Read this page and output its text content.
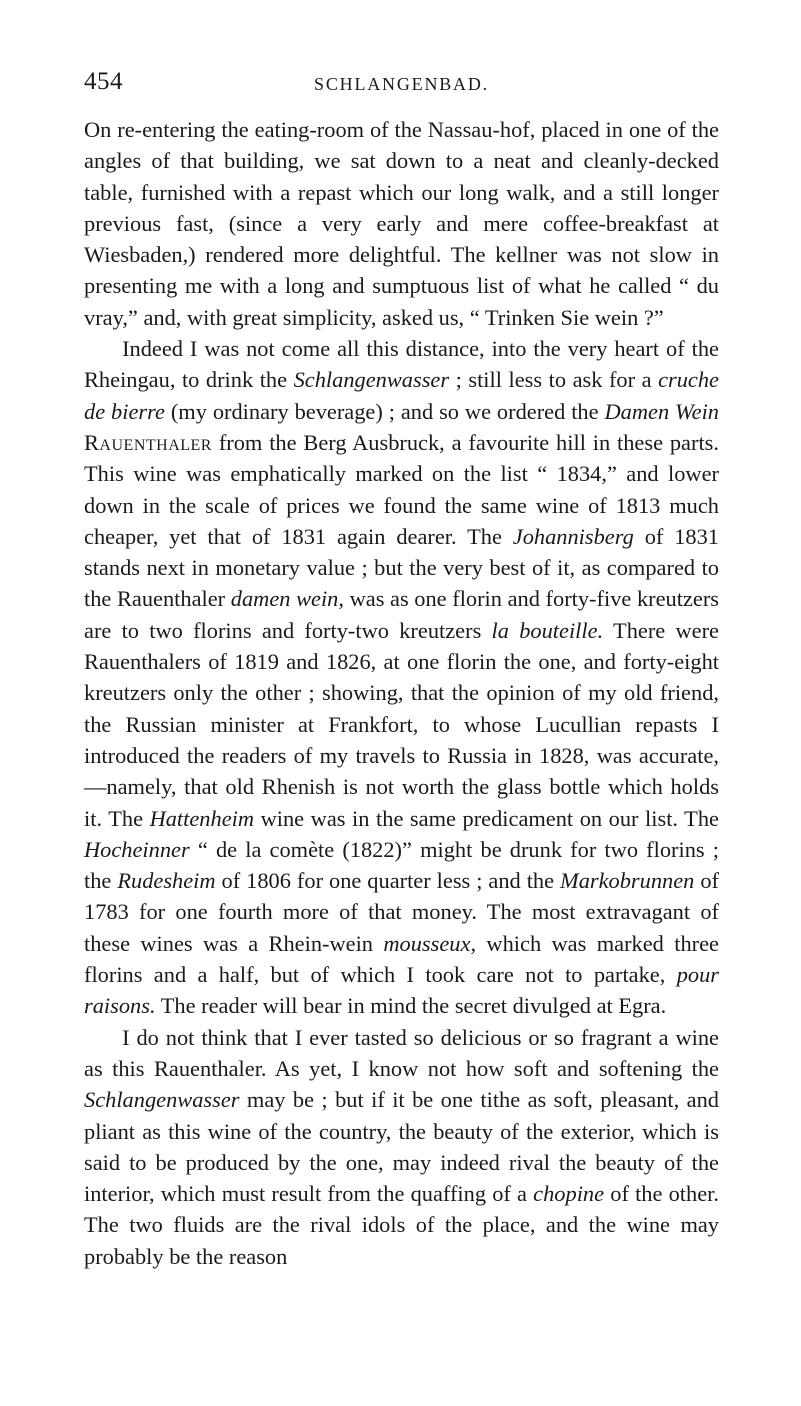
454	SCHLANGENBAD.

On re-entering the eating-room of the Nassau-hof, placed in one of the angles of that building, we sat down to a neat and cleanly-decked table, furnished with a repast which our long walk, and a still longer previous fast, (since a very early and mere coffee-breakfast at Wiesbaden,) rendered more delightful. The kellner was not slow in presenting me with a long and sumptuous list of what he called “ du vray,” and, with great simplicity, asked us, “ Trinken Sie wein ?”

Indeed I was not come all this distance, into the very heart of the Rheingau, to drink the Schlangenwasser ; still less to ask for a cruche de bierre (my ordinary beverage) ; and so we ordered the Damen Wein Rauenthaler from the Berg Ausbruck, a favourite hill in these parts. This wine was emphatically marked on the list “ 1834,” and lower down in the scale of prices we found the same wine of 1813 much cheaper, yet that of 1831 again dearer. The Johannisberg of 1831 stands next in monetary value ; but the very best of it, as compared to the Rauenthaler damen wein, was as one florin and forty-five kreutzers are to two florins and forty-two kreutzers la bouteille. There were Rauenthalers of 1819 and 1826, at one florin the one, and forty-eight kreutzers only the other ; showing, that the opinion of my old friend, the Russian minister at Frankfort, to whose Lucullian repasts I introduced the readers of my travels to Russia in 1828, was accurate,—namely, that old Rhenish is not worth the glass bottle which holds it. The Hattenheim wine was in the same predicament on our list. The Hocheinner “ de la comète (1822)” might be drunk for two florins ; the Rudesheim of 1806 for one quarter less ; and the Markobrunnen of 1783 for one fourth more of that money. The most extravagant of these wines was a Rhein-wein mousseux, which was marked three florins and a half, but of which I took care not to partake, pour raisons. The reader will bear in mind the secret divulged at Egra.

I do not think that I ever tasted so delicious or so fragrant a wine as this Rauenthaler. As yet, I know not how soft and softening the Schlangenwasser may be ; but if it be one tithe as soft, pleasant, and pliant as this wine of the country, the beauty of the exterior, which is said to be produced by the one, may indeed rival the beauty of the interior, which must result from the quaffing of a chopine of the other. The two fluids are the rival idols of the place, and the wine may probably be the reason
